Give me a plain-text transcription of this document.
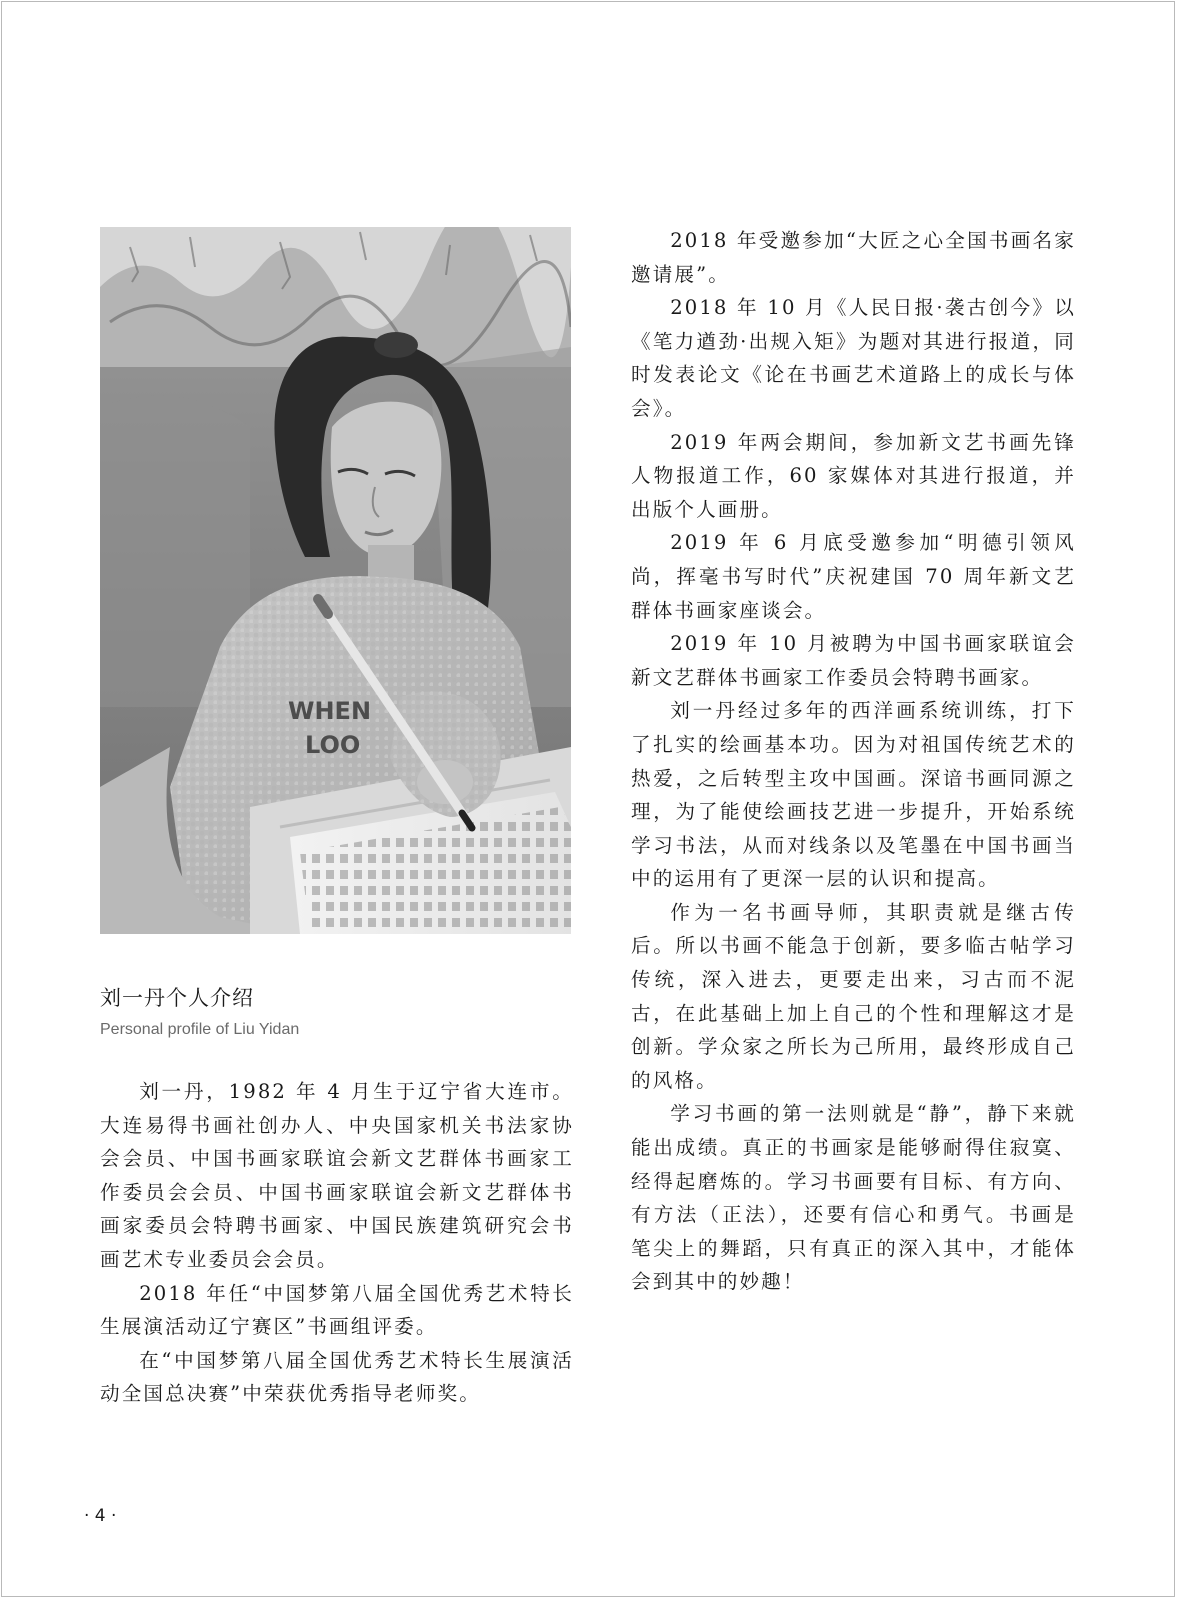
WHEN
LOO
刘一丹个人介绍
Personal profile of Liu Yidan

刘一丹，1982 年 4 月生于辽宁省大连市。大连易得书画社创办人、中央国家机关书法家协会会员、中国书画家联谊会新文艺群体书画家工作委员会会员、中国书画家联谊会新文艺群体书画家委员会特聘书画家、中国民族建筑研究会书画艺术专业委员会会员。

2018 年任“中国梦第八届全国优秀艺术特长生展演活动辽宁赛区”书画组评委。

在“中国梦第八届全国优秀艺术特长生展演活动全国总决赛”中荣获优秀指导老师奖。

2018 年受邀参加“大匠之心全国书画名家邀请展”。

2018 年 10 月《人民日报·袭古创今》以《笔力遒劲·出规入矩》为题对其进行报道，同时发表论文《论在书画艺术道路上的成长与体会》。

2019 年两会期间，参加新文艺书画先锋人物报道工作，60 家媒体对其进行报道，并出版个人画册。

2019 年 6 月底受邀参加“明德引领风尚，挥毫书写时代”庆祝建国 70 周年新文艺群体书画家座谈会。

2019 年 10 月被聘为中国书画家联谊会新文艺群体书画家工作委员会特聘书画家。

刘一丹经过多年的西洋画系统训练，打下了扎实的绘画基本功。因为对祖国传统艺术的热爱，之后转型主攻中国画。深谙书画同源之理，为了能使绘画技艺进一步提升，开始系统学习书法，从而对线条以及笔墨在中国书画当中的运用有了更深一层的认识和提高。

作为一名书画导师，其职责就是继古传后。所以书画不能急于创新，要多临古帖学习传统，深入进去，更要走出来，习古而不泥古，在此基础上加上自己的个性和理解这才是创新。学众家之所长为己所用，最终形成自己的风格。

学习书画的第一法则就是“静”，静下来就能出成绩。真正的书画家是能够耐得住寂寞、经得起磨炼的。学习书画要有目标、有方向、有方法（正法），还要有信心和勇气。书画是笔尖上的舞蹈，只有真正的深入其中，才能体会到其中的妙趣！

· 4 ·
